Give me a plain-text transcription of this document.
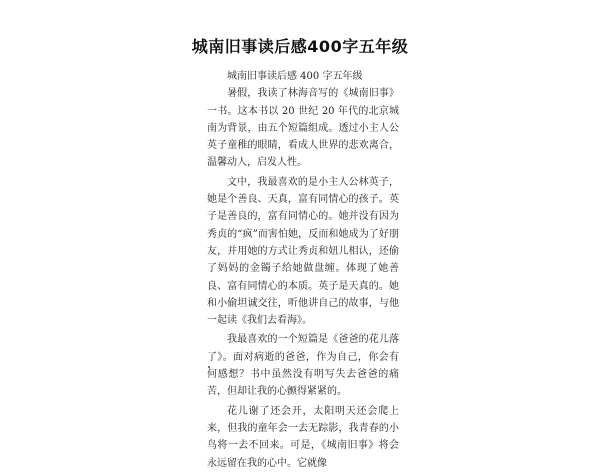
城南旧事读后感400字五年级

城南旧事读后感 400 字五年级

暑假，我读了林海音写的《城南旧事》一书。这本书以 20 世纪 20 年代的北京城南为背景，由五个短篇组成。透过小主人公英子童稚的眼睛，看成人世界的悲欢离合，温馨动人，启发人性。

文中，我最喜欢的是小主人公林英子，她是个善良、天真，富有同情心的孩子。英子是善良的，富有同情心的。她并没有因为秀贞的“疯”而害怕她，反而和她成为了好朋友，并用她的方式让秀贞和妞儿相认，还偷了妈妈的金镯子给她做盘缠。体现了她善良、富有同情心的本质。英子是天真的。她和小偷坦诚交往，听他讲自己的故事，与他一起读《我们去看海》。

我最喜欢的一个短篇是《爸爸的花儿落了》。面对病逝的爸爸，作为自己，你会有何感想？书中虽然没有明写失去爸爸的痛苦，但却让我的心颤得紧紧的。

花儿谢了还会开，太阳明天还会爬上来，但我的童年会一去无踪影，我青春的小鸟将一去不回来。可是，《城南旧事》将会永远留在我的心中。它就像
